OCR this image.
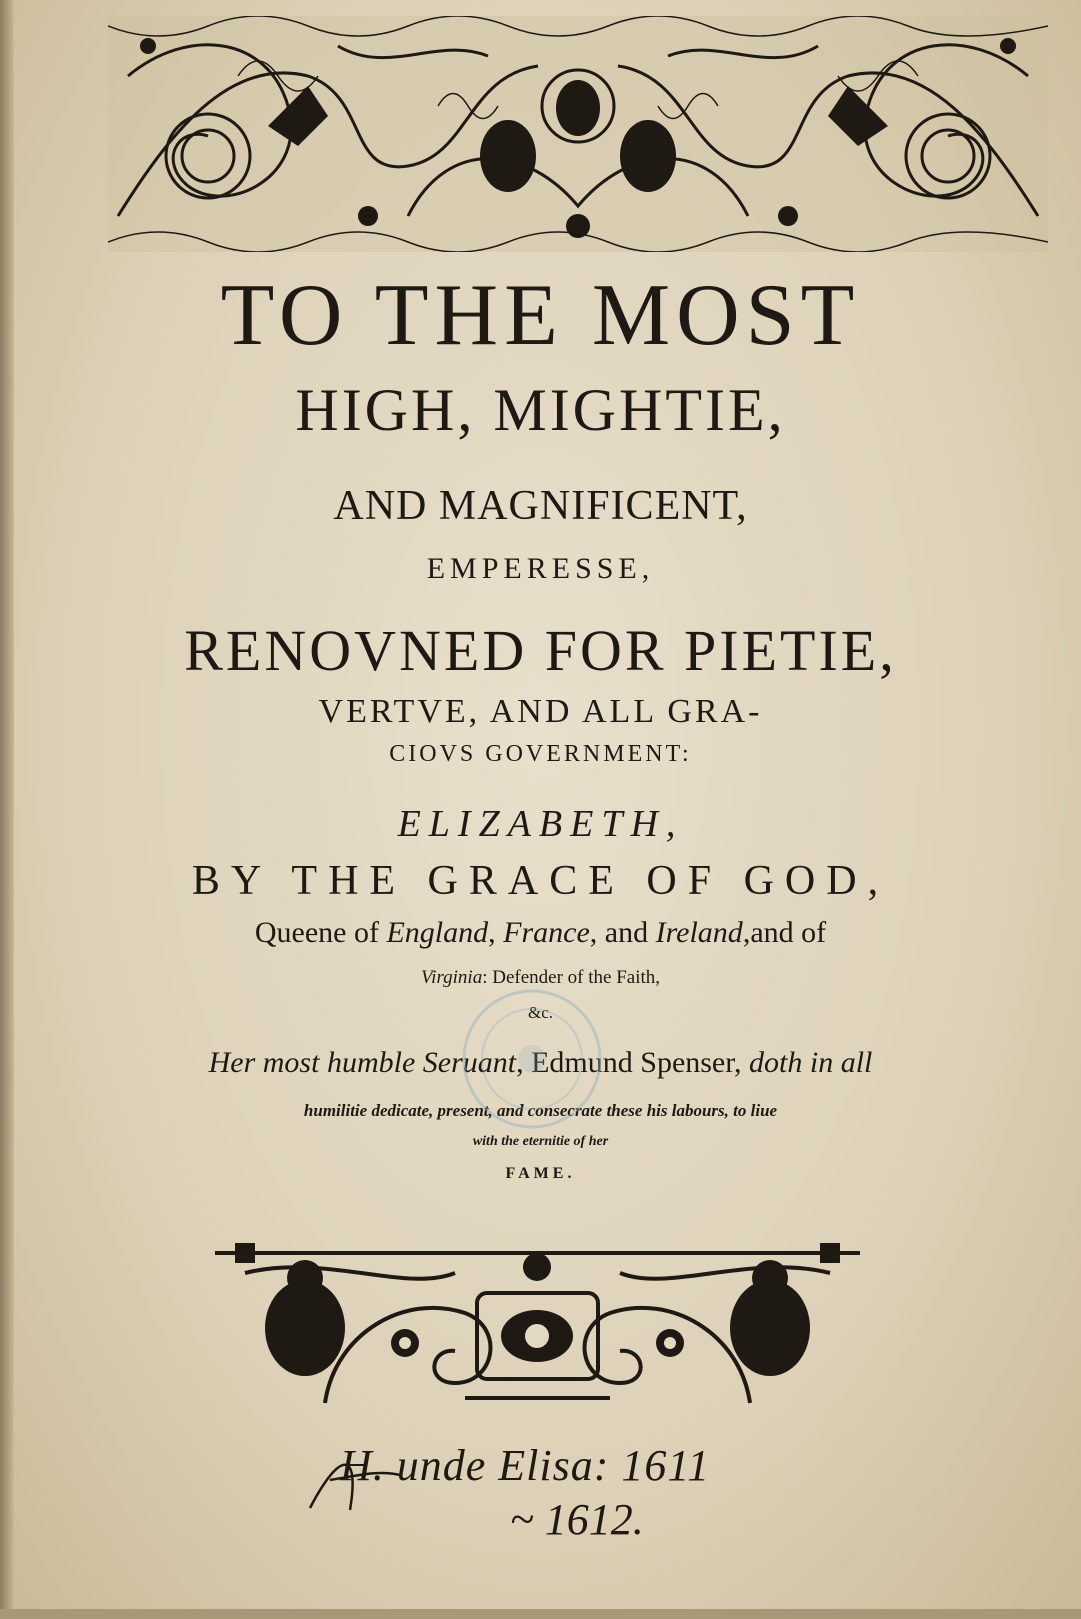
TO THE MOST

HIGH, MIGHTIE,

AND MAGNIFICENT,

EMPERESSE,

RENOVNED FOR PIETIE,

VERTVE, AND ALL GRA-

CIOVS GOVERNMENT:

ELIZABETH,

BY THE GRACE OF GOD,

Queene of England, France, and Ireland,and of

Virginia: Defender of the Faith,

&c.

Her most humble Seruant, Edmund Spenser, doth in all

humilitie dedicate, present, and consecrate these his labours, to liue

with the eternitie of her

FAME.

H. unde Elisa: 1611
~ 1612.
